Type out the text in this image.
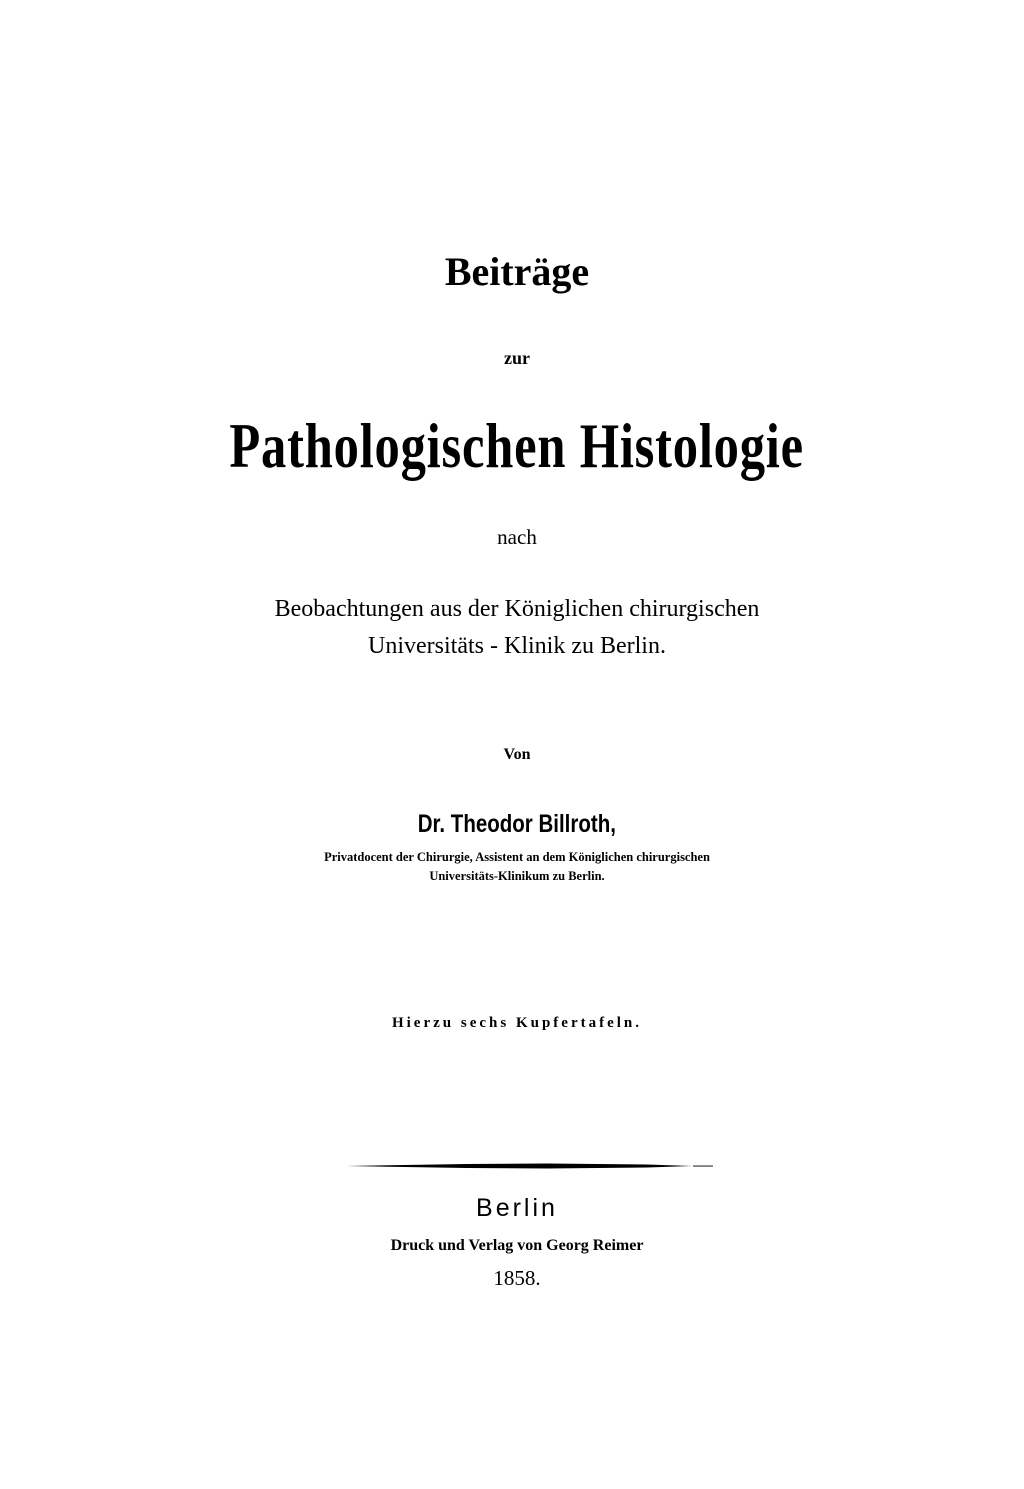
Beiträge
zur
Pathologischen Histologie
nach
Beobachtungen aus der Königlichen chirurgischen
Universitäts - Klinik zu Berlin.
Von
Dr. Theodor Billroth,
Privatdocent der Chirurgie, Assistent an dem Königlichen chirurgischen
Universitäts-Klinikum zu Berlin.
Hierzu sechs Kupfertafeln.
Berlin
Druck und Verlag von Georg Reimer
1858.
